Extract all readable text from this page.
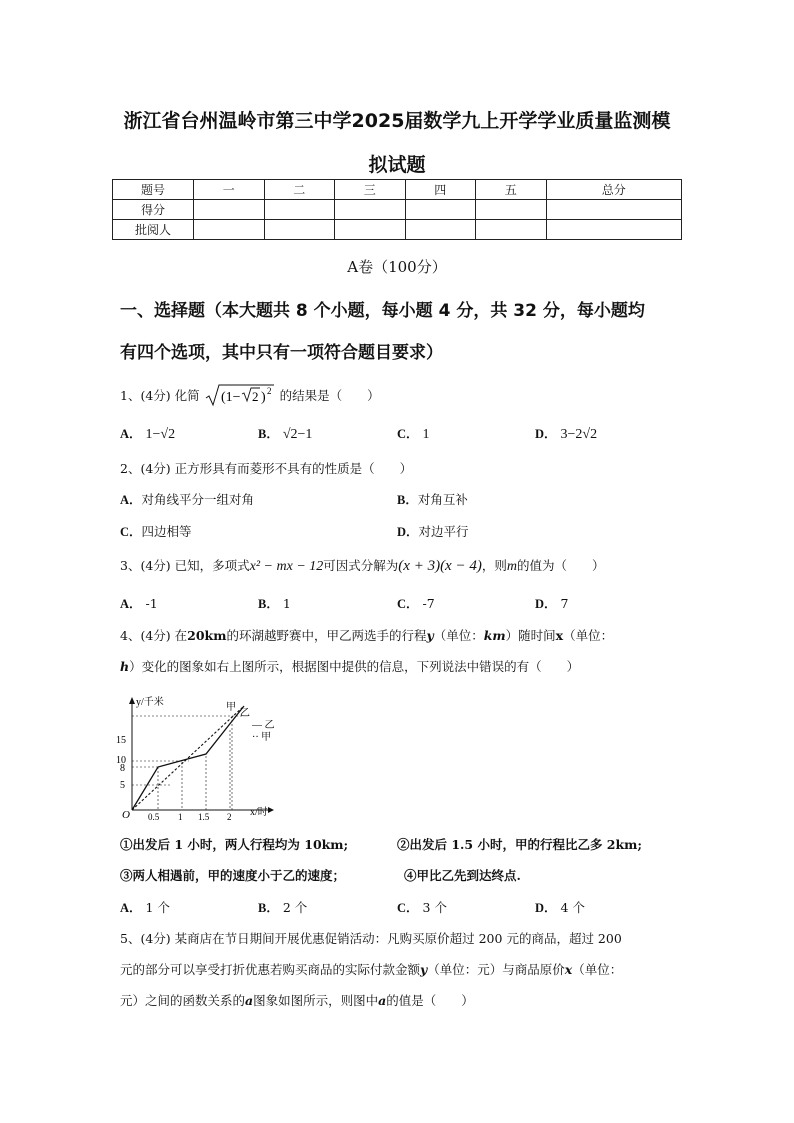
浙江省台州温岭市第三中学2025届数学九上开学学业质量监测模
拟试题
题号	一	二	三	四	五	总分
得分						
批阅人						
A卷（100分）
一、选择题（本大题共 8 个小题，每小题 4 分，共 32 分，每小题均
有四个选项，其中只有一项符合题目要求）
1、(4分) 化简 (1− 2 ) 2 的结果是（　　）
A． 1−√2	B． √2−1	C． 1	D． 3−2√2
2、(4分) 正方形具有而菱形不具有的性质是（　　）
A．对角线平分一组对角	B．对角互补
C．四边相等	D．对边平行
3、(4分) 已知，多项式x² − mx − 12可因式分解为(x + 3)(x − 4)，则m的值为（　　）
A． -1	B． 1	C． -7	D． 7
4、(4分) 在20km的环湖越野赛中，甲乙两选手的行程y（单位：km）随时间x（单位：
h）变化的图象如右上图所示，根据图中提供的信息，下列说法中错误的有（　　）
y/千米
x/时
O
5
8
10
15
0.5 1 1.5 2
甲
乙
— 乙
·· 甲
①出发后 1 小时，两人行程均为 10km;	②出发后 1.5 小时，甲的行程比乙多 2km;
③两人相遇前，甲的速度小于乙的速度；	④甲比乙先到达终点.
A． 1 个	B． 2 个	C． 3 个	D． 4 个
5、(4分) 某商店在节日期间开展优惠促销活动：凡购买原价超过 200 元的商品，超过 200
元的部分可以享受打折优惠若购买商品的实际付款金额y（单位：元）与商品原价x（单位：
元）之间的函数关系的a图象如图所示，则图中a的值是（　　）
